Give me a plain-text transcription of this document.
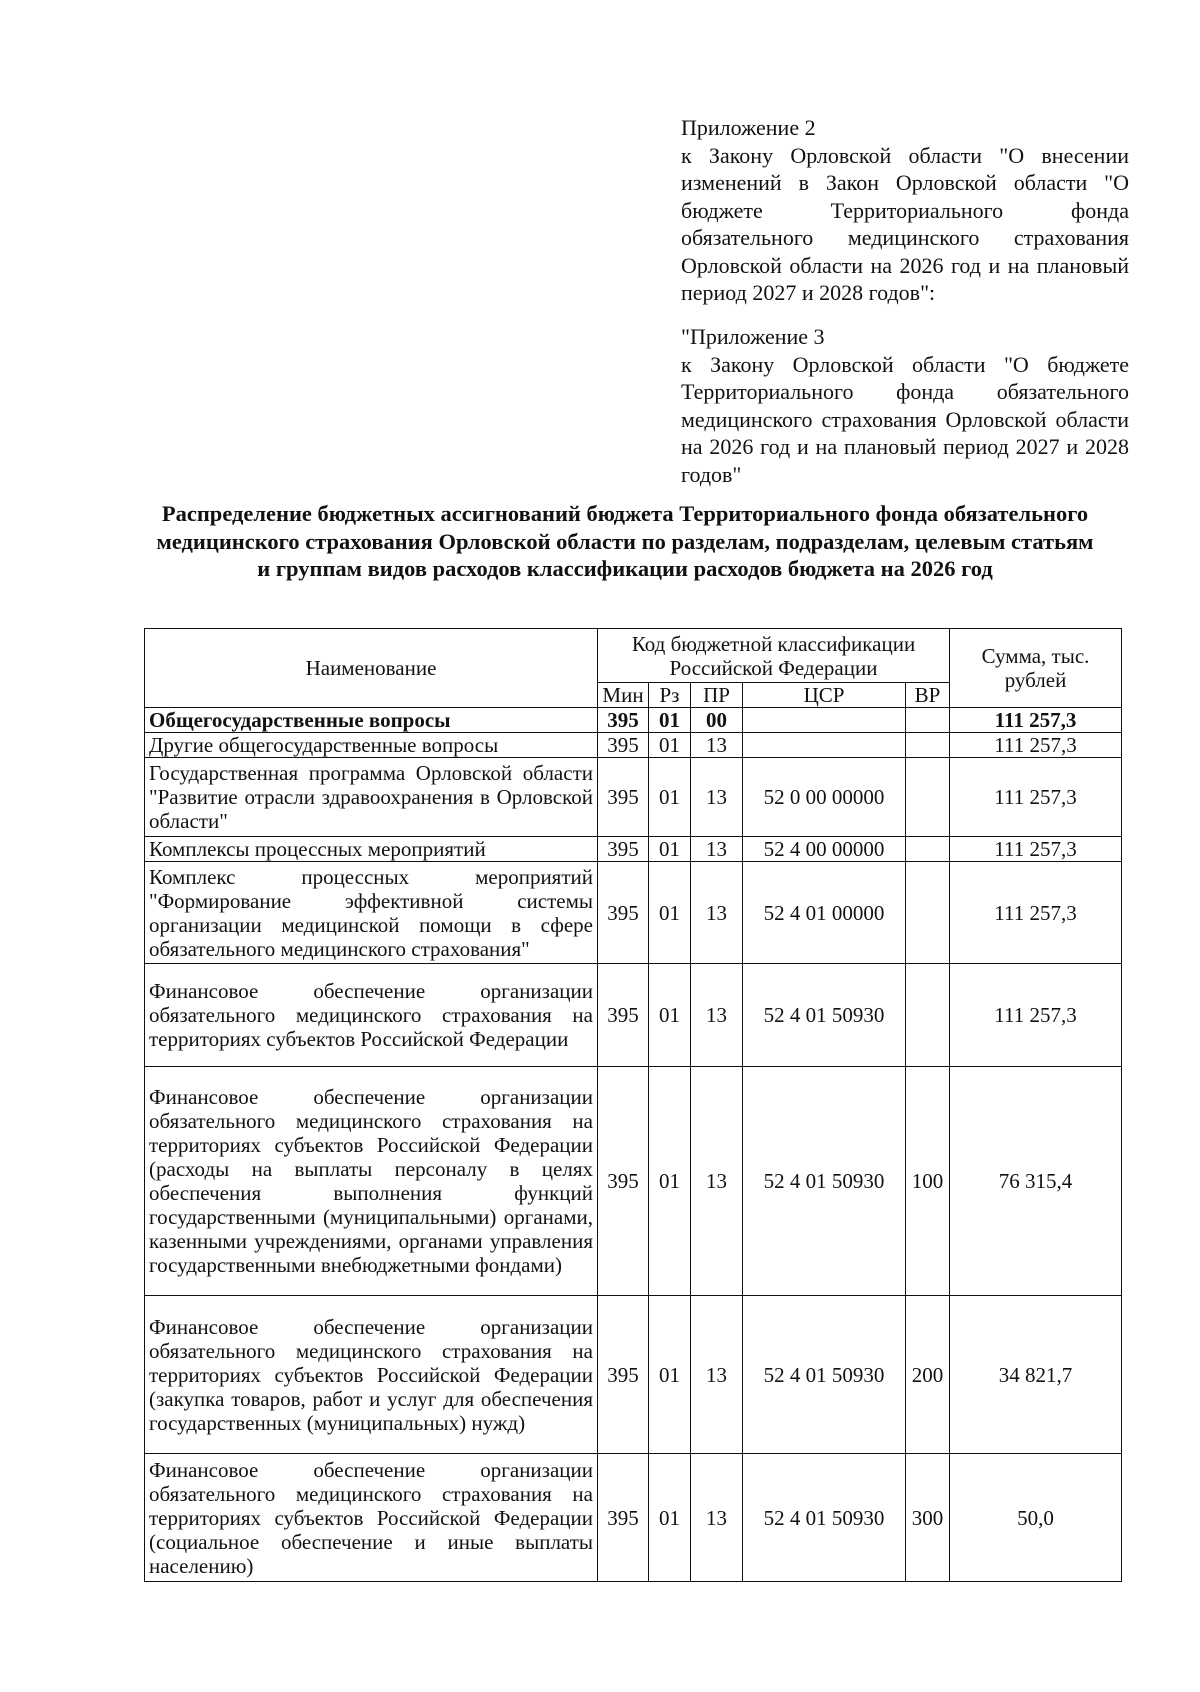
Приложение 2

к Закону Орловской области "О внесении изменений в Закон Орловской области "О бюджете Территориального фонда обязательного медицинского страхования Орловской области на 2026 год и на плановый период 2027 и 2028 годов":

"Приложение 3

к Закону Орловской области "О бюджете Территориального фонда обязательного медицинского страхования Орловской области на 2026 год и на плановый период 2027 и 2028 годов"

Распределение бюджетных ассигнований бюджета Территориального фонда обязательного медицинского страхования Орловской области по разделам, подразделам, целевым статьям и группам видов расходов классификации расходов бюджета на 2026 год
Наименование	Код бюджетной классификации Российской Федерации					Сумма, тыс. рублей
	Мин	Рз	ПР	ЦСР	ВР	
Общегосударственные вопросы	395	01	00			111 257,3
Другие общегосударственные вопросы	395	01	13			111 257,3
Государственная программа Орловской области "Развитие отрасли здравоохранения в Орловской области"	395	01	13	52 0 00 00000		111 257,3
Комплексы процессных мероприятий	395	01	13	52 4 00 00000		111 257,3
Комплекс процессных мероприятий "Формирование эффективной системы организации медицинской помощи в сфере обязательного медицинского страхования"	395	01	13	52 4 01 00000		111 257,3
Финансовое обеспечение организации обязательного медицинского страхования на территориях субъектов Российской Федерации	395	01	13	52 4 01 50930		111 257,3
Финансовое обеспечение организации обязательного медицинского страхования на территориях субъектов Российской Федерации (расходы на выплаты персоналу в целях обеспечения выполнения функций государственными (муниципальными) органами, казенными учреждениями, органами управления государственными внебюджетными фондами)	395	01	13	52 4 01 50930	100	76 315,4
Финансовое обеспечение организации обязательного медицинского страхования на территориях субъектов Российской Федерации (закупка товаров, работ и услуг для обеспечения государственных (муниципальных) нужд)	395	01	13	52 4 01 50930	200	34 821,7
Финансовое обеспечение организации обязательного медицинского страхования на территориях субъектов Российской Федерации (социальное обеспечение и иные выплаты населению)	395	01	13	52 4 01 50930	300	50,0
